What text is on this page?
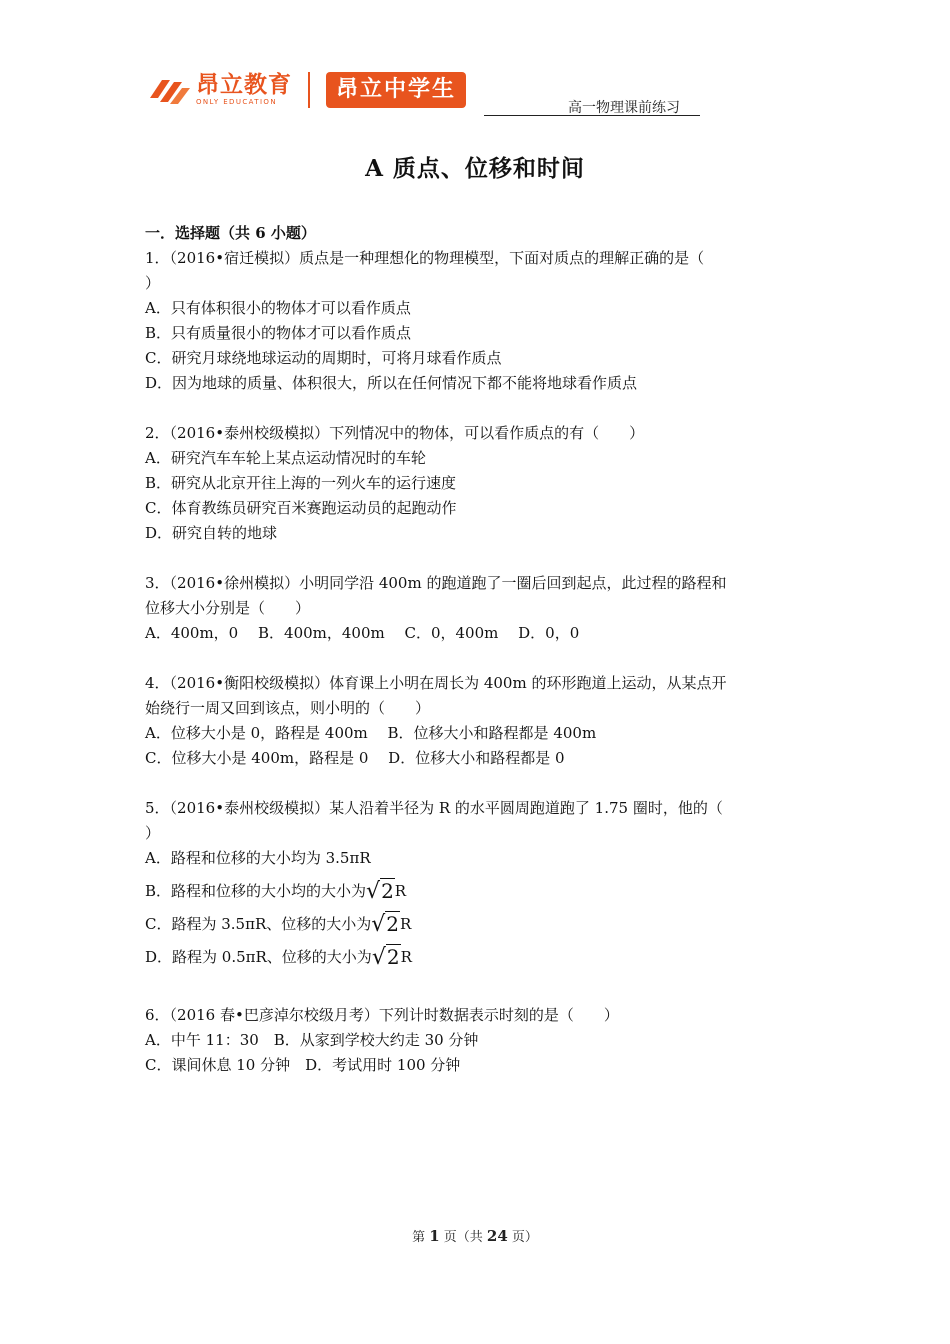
昂立教育
ONLY EDUCATION	昂立中学生
高一物理课前练习
A 质点、位移和时间
一．选择题（共 6 小题）
1．（2016•宿迁模拟）质点是一种理想化的物理模型，下面对质点的理解正确的是（
）
A．只有体积很小的物体才可以看作质点
B．只有质量很小的物体才可以看作质点
C．研究月球绕地球运动的周期时，可将月球看作质点
D．因为地球的质量、体积很大，所以在任何情况下都不能将地球看作质点
2．（2016•泰州校级模拟）下列情况中的物体，可以看作质点的有（　　）
A．研究汽车车轮上某点运动情况时的车轮
B．研究从北京开往上海的一列火车的运行速度
C．体育教练员研究百米赛跑运动员的起跑动作
D．研究自转的地球
3．（2016•徐州模拟）小明同学沿 400m 的跑道跑了一圈后回到起点，此过程的路程和
位移大小分别是（　　）
A．400m，0　 B．400m，400m　 C．0，400m　 D．0，0
4．（2016•衡阳校级模拟）体育课上小明在周长为 400m 的环形跑道上运动，从某点开
始绕行一周又回到该点，则小明的（　　）
A．位移大小是 0，路程是 400m　 B．位移大小和路程都是 400m
C．位移大小是 400m，路程是 0　 D．位移大小和路程都是 0
5．（2016•泰州校级模拟）某人沿着半径为 R 的水平圆周跑道跑了 1.75 圈时，他的（
）
A．路程和位移的大小均为 3.5πR
B．路程和位移的大小均的大小为√2R
C．路程为 3.5πR、位移的大小为√2R
D．路程为 0.5πR、位移的大小为√2R
6．（2016 春•巴彦淖尔校级月考）下列计时数据表示时刻的是（　　）
A．中午 11：30　B．从家到学校大约走 30 分钟
C．课间休息 10 分钟　D．考试用时 100 分钟
第 1 页（共 24 页）
